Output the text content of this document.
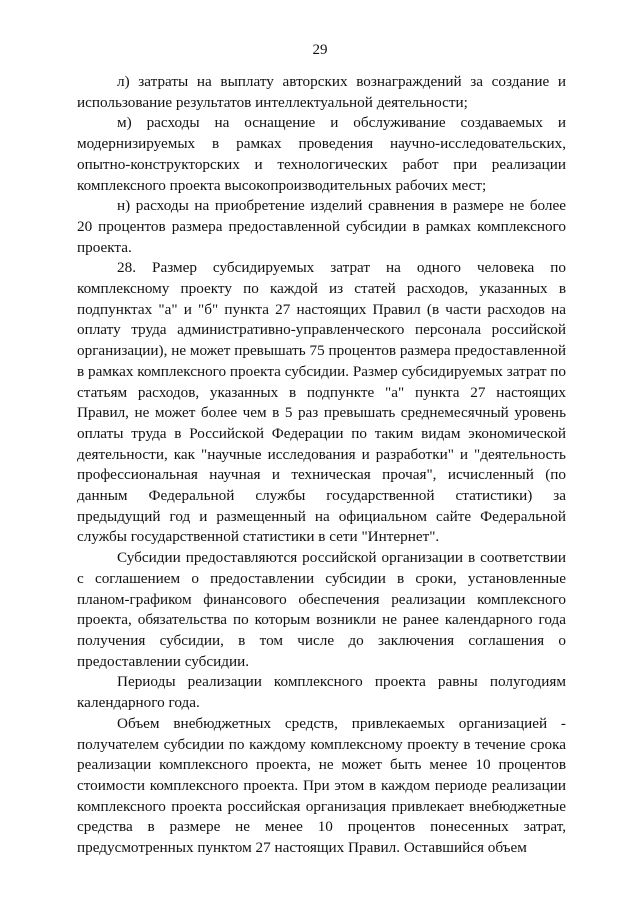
29

л) затраты на выплату авторских вознаграждений за создание и использование результатов интеллектуальной деятельности;

м) расходы на оснащение и обслуживание создаваемых и модернизируемых в рамках проведения научно-исследовательских, опытно-конструкторских и технологических работ при реализации комплексного проекта высокопроизводительных рабочих мест;

н) расходы на приобретение изделий сравнения в размере не более 20 процентов размера предоставленной субсидии в рамках комплексного проекта.

28. Размер субсидируемых затрат на одного человека по комплексному проекту по каждой из статей расходов, указанных в подпунктах "а" и "б" пункта 27 настоящих Правил (в части расходов на оплату труда административно-управленческого персонала российской организации), не может превышать 75 процентов размера предоставленной в рамках комплексного проекта субсидии. Размер субсидируемых затрат по статьям расходов, указанных в подпункте "а" пункта 27 настоящих Правил, не может более чем в 5 раз превышать среднемесячный уровень оплаты труда в Российской Федерации по таким видам экономической деятельности, как "научные исследования и разработки" и "деятельность профессиональная научная и техническая прочая", исчисленный (по данным Федеральной службы государственной статистики) за предыдущий год и размещенный на официальном сайте Федеральной службы государственной статистики в сети "Интернет".

Субсидии предоставляются российской организации в соответствии с соглашением о предоставлении субсидии в сроки, установленные планом-графиком финансового обеспечения реализации комплексного проекта, обязательства по которым возникли не ранее календарного года получения субсидии, в том числе до заключения соглашения о предоставлении субсидии.

Периоды реализации комплексного проекта равны полугодиям календарного года.

Объем внебюджетных средств, привлекаемых организацией - получателем субсидии по каждому комплексному проекту в течение срока реализации комплексного проекта, не может быть менее 10 процентов стоимости комплексного проекта. При этом в каждом периоде реализации комплексного проекта российская организация привлекает внебюджетные средства в размере не менее 10 процентов понесенных затрат, предусмотренных пунктом 27 настоящих Правил. Оставшийся объем
